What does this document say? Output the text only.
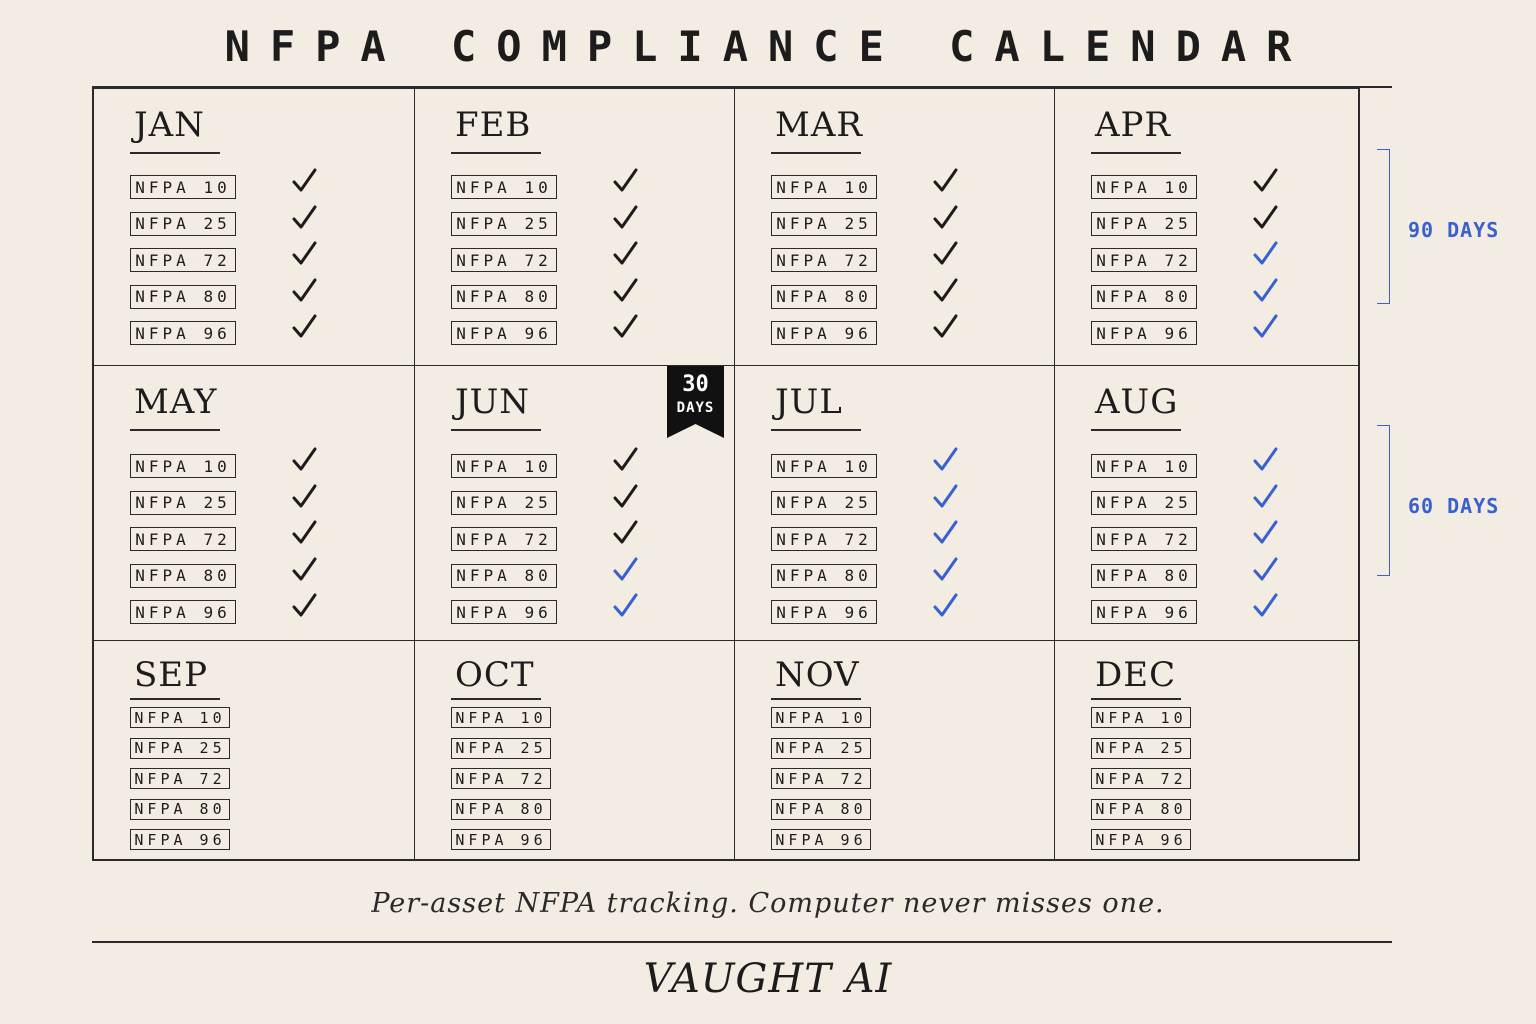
NFPA COMPLIANCE CALENDAR
JAN
NFPA 10
NFPA 25
NFPA 72
NFPA 80
NFPA 96
FEB
NFPA 10
NFPA 25
NFPA 72
NFPA 80
NFPA 96
MAR
NFPA 10
NFPA 25
NFPA 72
NFPA 80
NFPA 96
APR
NFPA 10
NFPA 25
NFPA 72
NFPA 80
NFPA 96
MAY
NFPA 10
NFPA 25
NFPA 72
NFPA 80
NFPA 96
JUN
NFPA 10
NFPA 25
NFPA 72
NFPA 80
NFPA 96
JUL
NFPA 10
NFPA 25
NFPA 72
NFPA 80
NFPA 96
AUG
NFPA 10
NFPA 25
NFPA 72
NFPA 80
NFPA 96
SEP
NFPA 10
NFPA 25
NFPA 72
NFPA 80
NFPA 96
OCT
NFPA 10
NFPA 25
NFPA 72
NFPA 80
NFPA 96
NOV
NFPA 10
NFPA 25
NFPA 72
NFPA 80
NFPA 96
DEC
NFPA 10
NFPA 25
NFPA 72
NFPA 80
NFPA 96
30
DAYS
90 DAYS
60 DAYS
Per-asset NFPA tracking. Computer never misses one.
VAUGHT AI
